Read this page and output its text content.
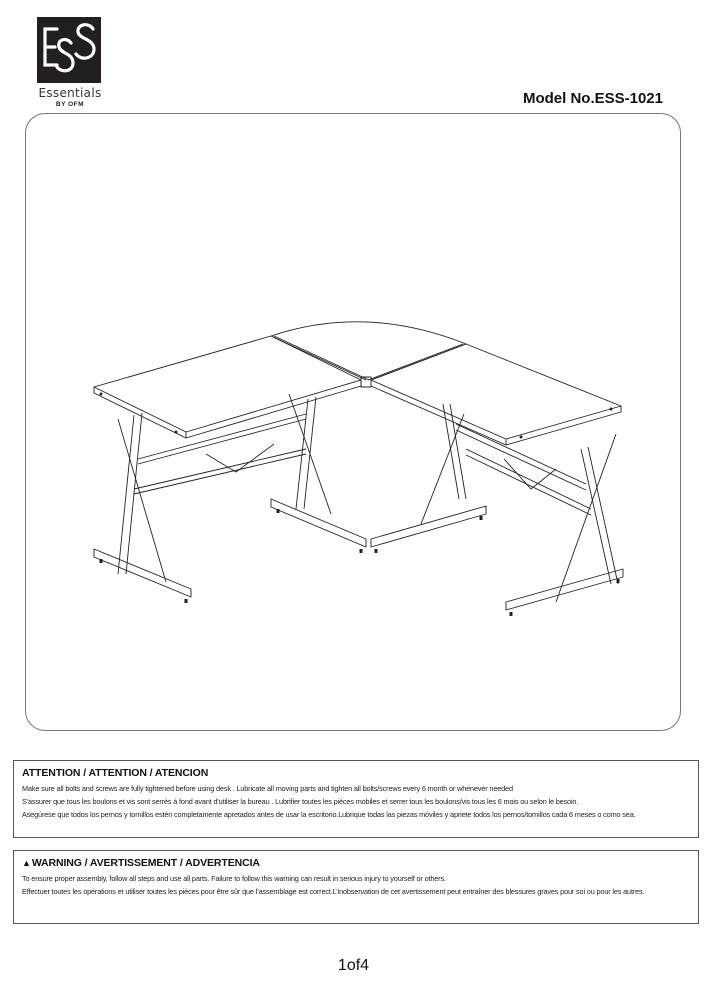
Essentials
BY OFM	Model No.ESS-1021
ATTENTION / ATTENTION / ATENCION

Make sure all bolts and screws are fully tightened before using desk . Lubricate all moving parts and tighten all bolts/screws every 6 month or whenever needed

S'assurer que tous les boulons et vis sont serrés à fond avant d'utiliser la bureau . Lubrifier toutes les pièces mobiles et serrer tous les boulons/vis tous les 6 mois ou selon le besoin.

Asegúrese que todos los pernos y tornillos estén completamente apretados antes de usar la escritorio.Lubrique todas las piezas móviles y apriete todos los pernos/tornillos cada 6 meses o como sea.

▲WARNING / AVERTISSEMENT / ADVERTENCIA

To ensure proper assembly, follow all steps and use all parts. Failure to follow this warning can result in serious injury to yourself or others.

Effectuer toutes les opérations et utiliser toutes les pièces pour être sûr que l’assemblage est correct.L’inobservation de cet avertissement peut entraîner des blessures graves pour soi ou pour les autres.

1of4
